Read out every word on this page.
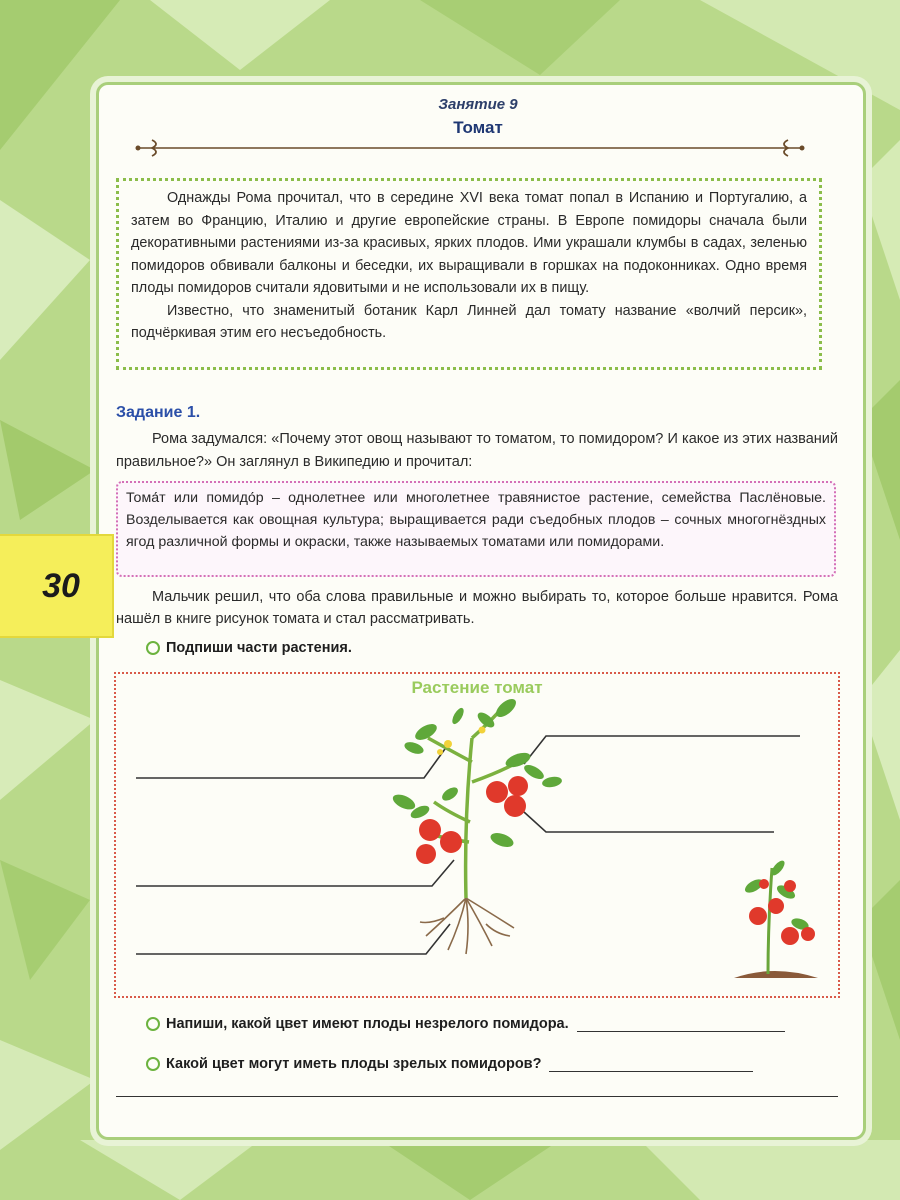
30
Занятие 9
Томат

Однажды Рома прочитал, что в середине XVI века томат попал в Испанию и Португалию, а затем во Францию, Италию и другие европейские страны. В Европе помидоры сначала были декоративными растениями из-за красивых, ярких плодов. Ими украшали клумбы в садах, зеленью помидоров обвивали балконы и беседки, их выращивали в горшках на подоконниках. Одно время плоды помидоров считали ядовитыми и не использовали их в пищу.

Известно, что знаменитый ботаник Карл Линней дал томату название «волчий персик», подчёркивая этим его несъедобность.

Задание 1.

Рома задумался: «Почему этот овощ называют то томатом, то помидором? И какое из этих названий правильное?» Он заглянул в Википедию и прочитал:

Тома́т или помидо́р – однолетнее или многолетнее травянистое растение, семейства Паслёновые. Возделывается как овощная культура; выращивается ради съедобных плодов – сочных многогнёздных ягод различной формы и окраски, также называемых томатами или помидорами.

Мальчик решил, что оба слова правильные и можно выбирать то, которое больше нравится. Рома нашёл в книге рисунок томата и стал рассматривать.

Подпиши части растения.
Растение томат
Напиши, какой цвет имеют плоды незрелого помидора.
Какой цвет могут иметь плоды зрелых помидоров?
